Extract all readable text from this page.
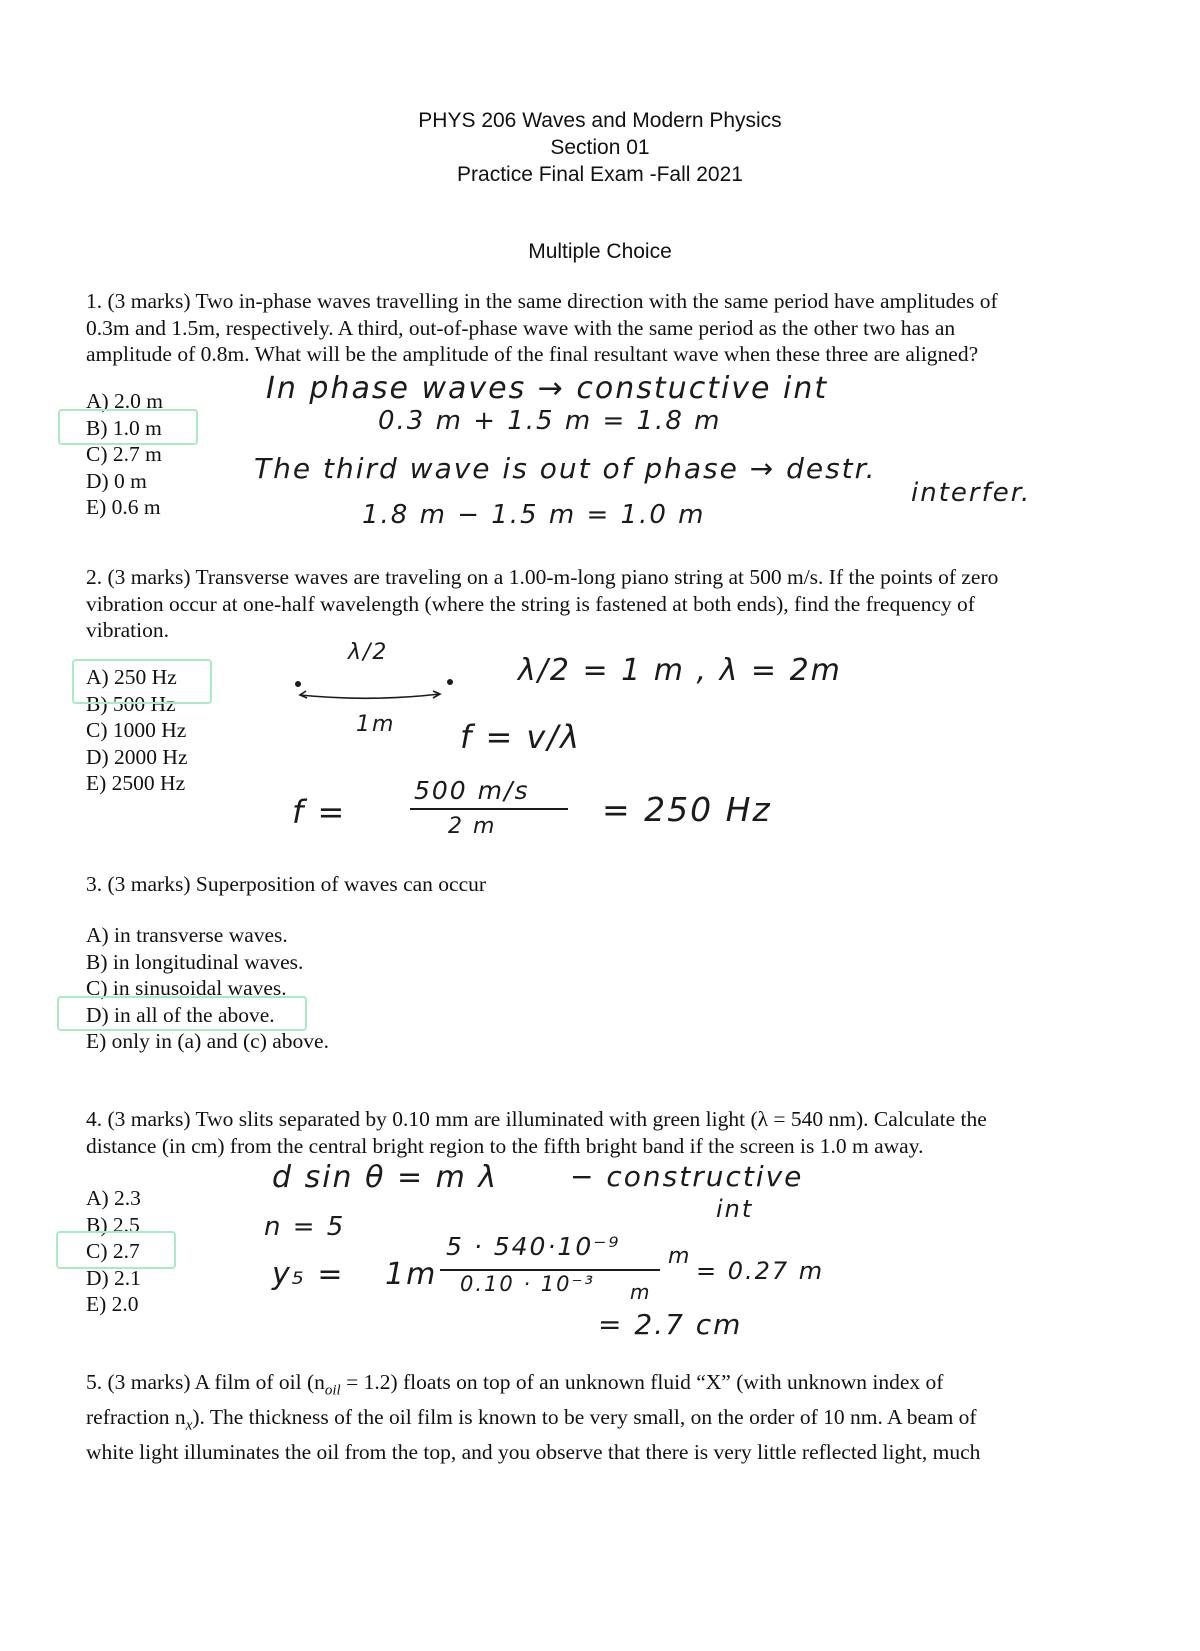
PHYS 206 Waves and Modern Physics
Section 01
Practice Final Exam -Fall 2021
Multiple Choice
1. (3 marks) Two in-phase waves travelling in the same direction with the same period have amplitudes of
0.3m and 1.5m, respectively. A third, out-of-phase wave with the same period as the other two has an
amplitude of 0.8m. What will be the amplitude of the final resultant wave when these three are aligned?
A) 2.0 m
B) 1.0 m
C) 2.7 m
D) 0 m
E) 0.6 m
In phase waves → constuctive int
0.3 m + 1.5 m = 1.8 m
The third wave is out of phase → destr.
interfer.
1.8 m − 1.5 m = 1.0 m
2. (3 marks) Transverse waves are traveling on a 1.00-m-long piano string at 500 m/s. If the points of zero
vibration occur at one-half wavelength (where the string is fastened at both ends), find the frequency of
vibration.
A) 250 Hz
B) 500 Hz
C) 1000 Hz
D) 2000 Hz
E) 2500 Hz
λ/2
1m
λ/2 = 1 m , λ = 2m
f = v/λ
f =
500 m/s
2 m	= 250 Hz
3. (3 marks) Superposition of waves can occur
A) in transverse waves.
B) in longitudinal waves.
C) in sinusoidal waves.
D) in all of the above.
E) only in (a) and (c) above.
4. (3 marks) Two slits separated by 0.10 mm are illuminated with green light (λ = 540 nm). Calculate the
distance (in cm) from the central bright region to the fifth bright band if the screen is 1.0 m away.
A) 2.3
B) 2.5
C) 2.7
D) 2.1
E) 2.0
d sin θ = m λ	− constructive
int
n = 5
y₅ = 1m
5 · 540·10⁻⁹ m
0.10 · 10⁻³ m
= 0.27 m
= 2.7 cm
5. (3 marks) A film of oil $(n_{oil} = 1.2)$ floats on top of an unknown fluid “X” (with unknown index of
refraction $n_x$). The thickness of the oil film is known to be very small, on the order of 10 nm. A beam of
white light illuminates the oil from the top, and you observe that there is very little reflected light, much
